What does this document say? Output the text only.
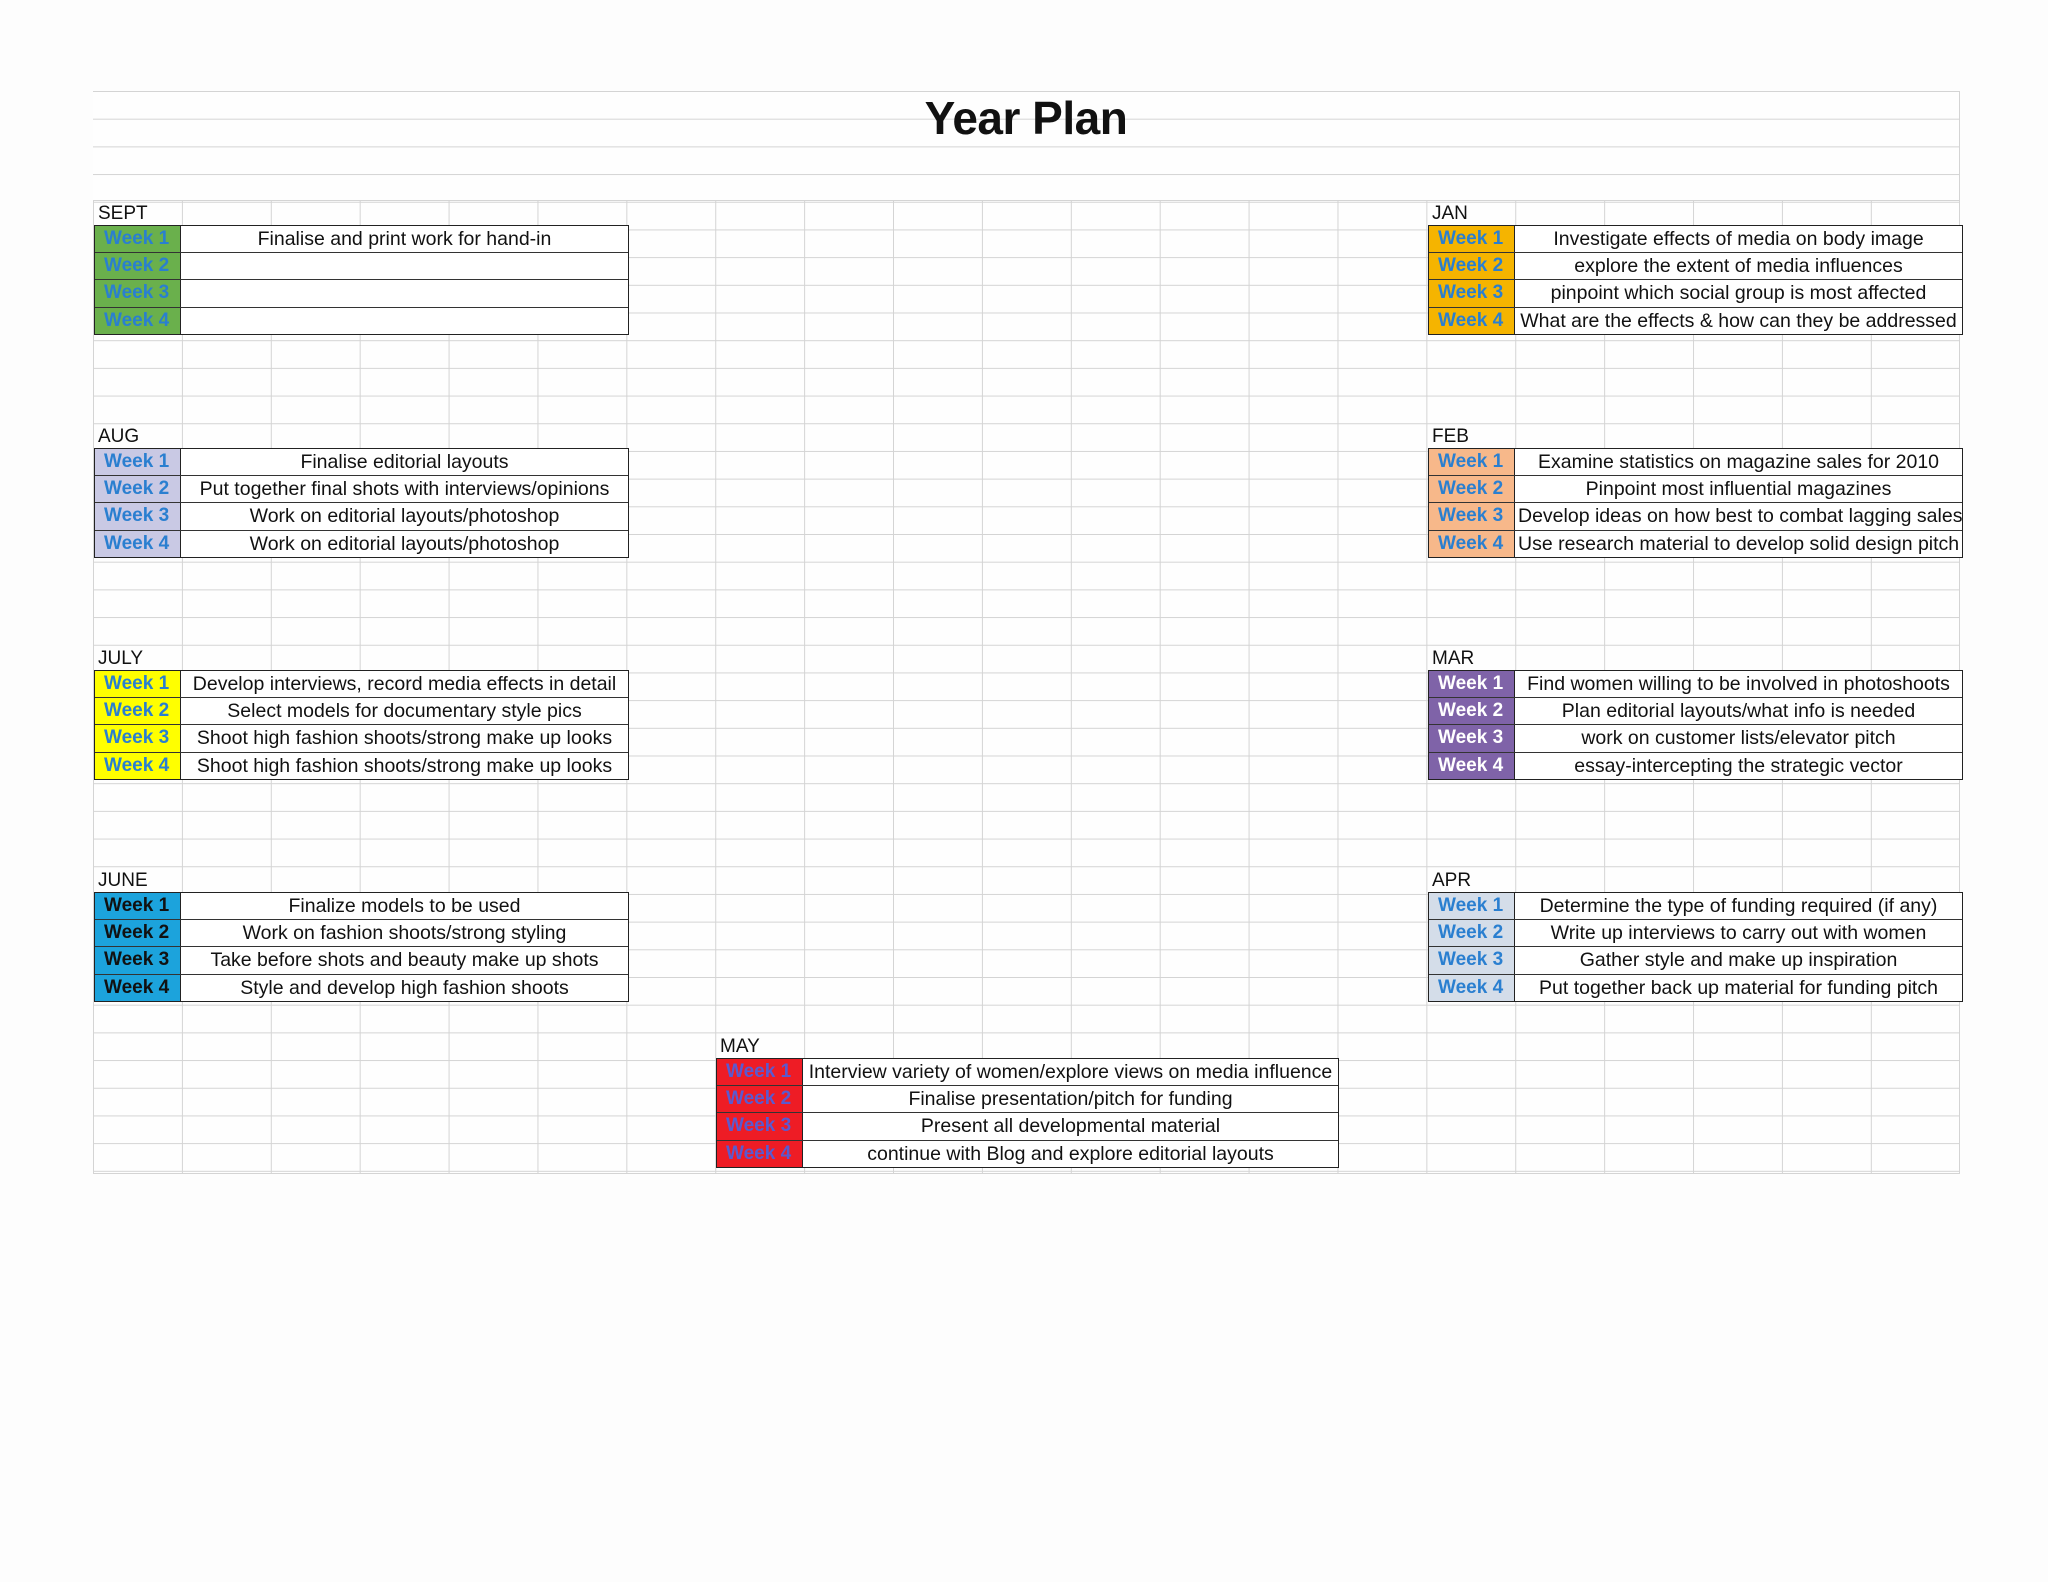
Year Plan
SEPT
Week 1	Finalise and print work for hand-in
Week 2
Week 3
Week 4
AUG
Week 1	Finalise editorial layouts
Week 2	Put together final shots with interviews/opinions
Week 3	Work on editorial layouts/photoshop
Week 4	Work on editorial layouts/photoshop
JULY
Week 1	Develop interviews, record media effects in detail
Week 2	Select models for documentary style pics
Week 3	Shoot high fashion shoots/strong make up looks
Week 4	Shoot high fashion shoots/strong make up looks
JUNE
Week 1	Finalize models to be used
Week 2	Work on fashion shoots/strong styling
Week 3	Take before shots and beauty make up shots
Week 4	Style and develop high fashion shoots
JAN
Week 1	Investigate effects of media on body image
Week 2	explore the extent of media influences
Week 3	pinpoint which social group is most affected
Week 4 What are the effects & how can they be addressed
FEB
Week 1	Examine statistics on magazine sales for 2010
Week 2	Pinpoint most influential magazines
Week 3 Develop ideas on how best to combat lagging sales
Week 4 Use research material to develop solid design pitch
MAR
Week 1	Find women willing to be involved in photoshoots
Week 2	Plan editorial layouts/what info is needed
Week 3	work on customer lists/elevator pitch
Week 4	essay-intercepting the strategic vector
APR
Week 1	Determine the type of funding required (if any)
Week 2	Write up interviews to carry out with women
Week 3	Gather style and make up inspiration
Week 4	Put together back up material for funding pitch
MAY
Week 1 Interview variety of women/explore views on media influence
Week 2	Finalise presentation/pitch for funding
Week 3	Present all developmental material
Week 4	continue with Blog and explore editorial layouts
